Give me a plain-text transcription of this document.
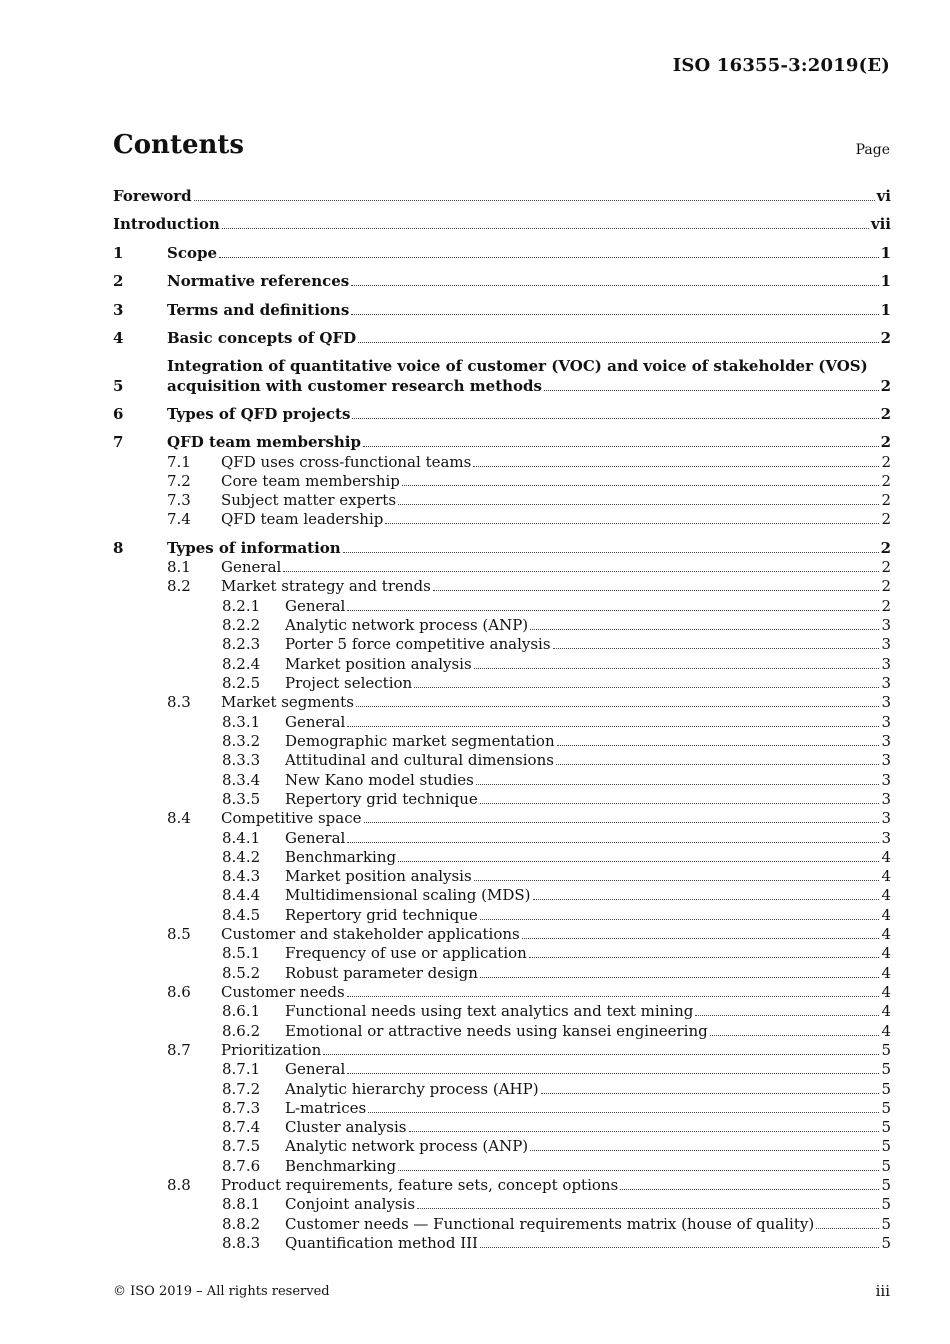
ISO 16355-3:2019(E)
Contents	Page
Foreword	vi
Introduction	vii
1	Scope	1
2	Normative references	1
3	Terms and definitions	1
4	Basic concepts of QFD	2
5
Integration of quantitative voice of customer (VOC) and voice of stakeholder (VOS)
acquisition with customer research methods	2
6	Types of QFD projects	2
7	QFD team membership	2
7.1	QFD uses cross-functional teams	2
7.2	Core team membership	2
7.3	Subject matter experts	2
7.4	QFD team leadership	2
8	Types of information	2
8.1	General	2
8.2	Market strategy and trends	2
8.2.1	General	2
8.2.2	Analytic network process (ANP)	3
8.2.3	Porter 5 force competitive analysis	3
8.2.4	Market position analysis	3
8.2.5	Project selection	3
8.3	Market segments	3
8.3.1	General	3
8.3.2	Demographic market segmentation	3
8.3.3	Attitudinal and cultural dimensions	3
8.3.4	New Kano model studies	3
8.3.5	Repertory grid technique	3
8.4	Competitive space	3
8.4.1	General	3
8.4.2	Benchmarking	4
8.4.3	Market position analysis	4
8.4.4	Multidimensional scaling (MDS)	4
8.4.5	Repertory grid technique	4
8.5	Customer and stakeholder applications	4
8.5.1	Frequency of use or application	4
8.5.2	Robust parameter design	4
8.6	Customer needs	4
8.6.1	Functional needs using text analytics and text mining	4
8.6.2	Emotional or attractive needs using kansei engineering	4
8.7	Prioritization	5
8.7.1	General	5
8.7.2	Analytic hierarchy process (AHP)	5
8.7.3	L-matrices	5
8.7.4	Cluster analysis	5
8.7.5	Analytic network process (ANP)	5
8.7.6	Benchmarking	5
8.8	Product requirements, feature sets, concept options	5
8.8.1	Conjoint analysis	5
8.8.2	Customer needs — Functional requirements matrix (house of quality)	5
8.8.3	Quantification method III	5
© ISO 2019 – All rights reserved	iii
